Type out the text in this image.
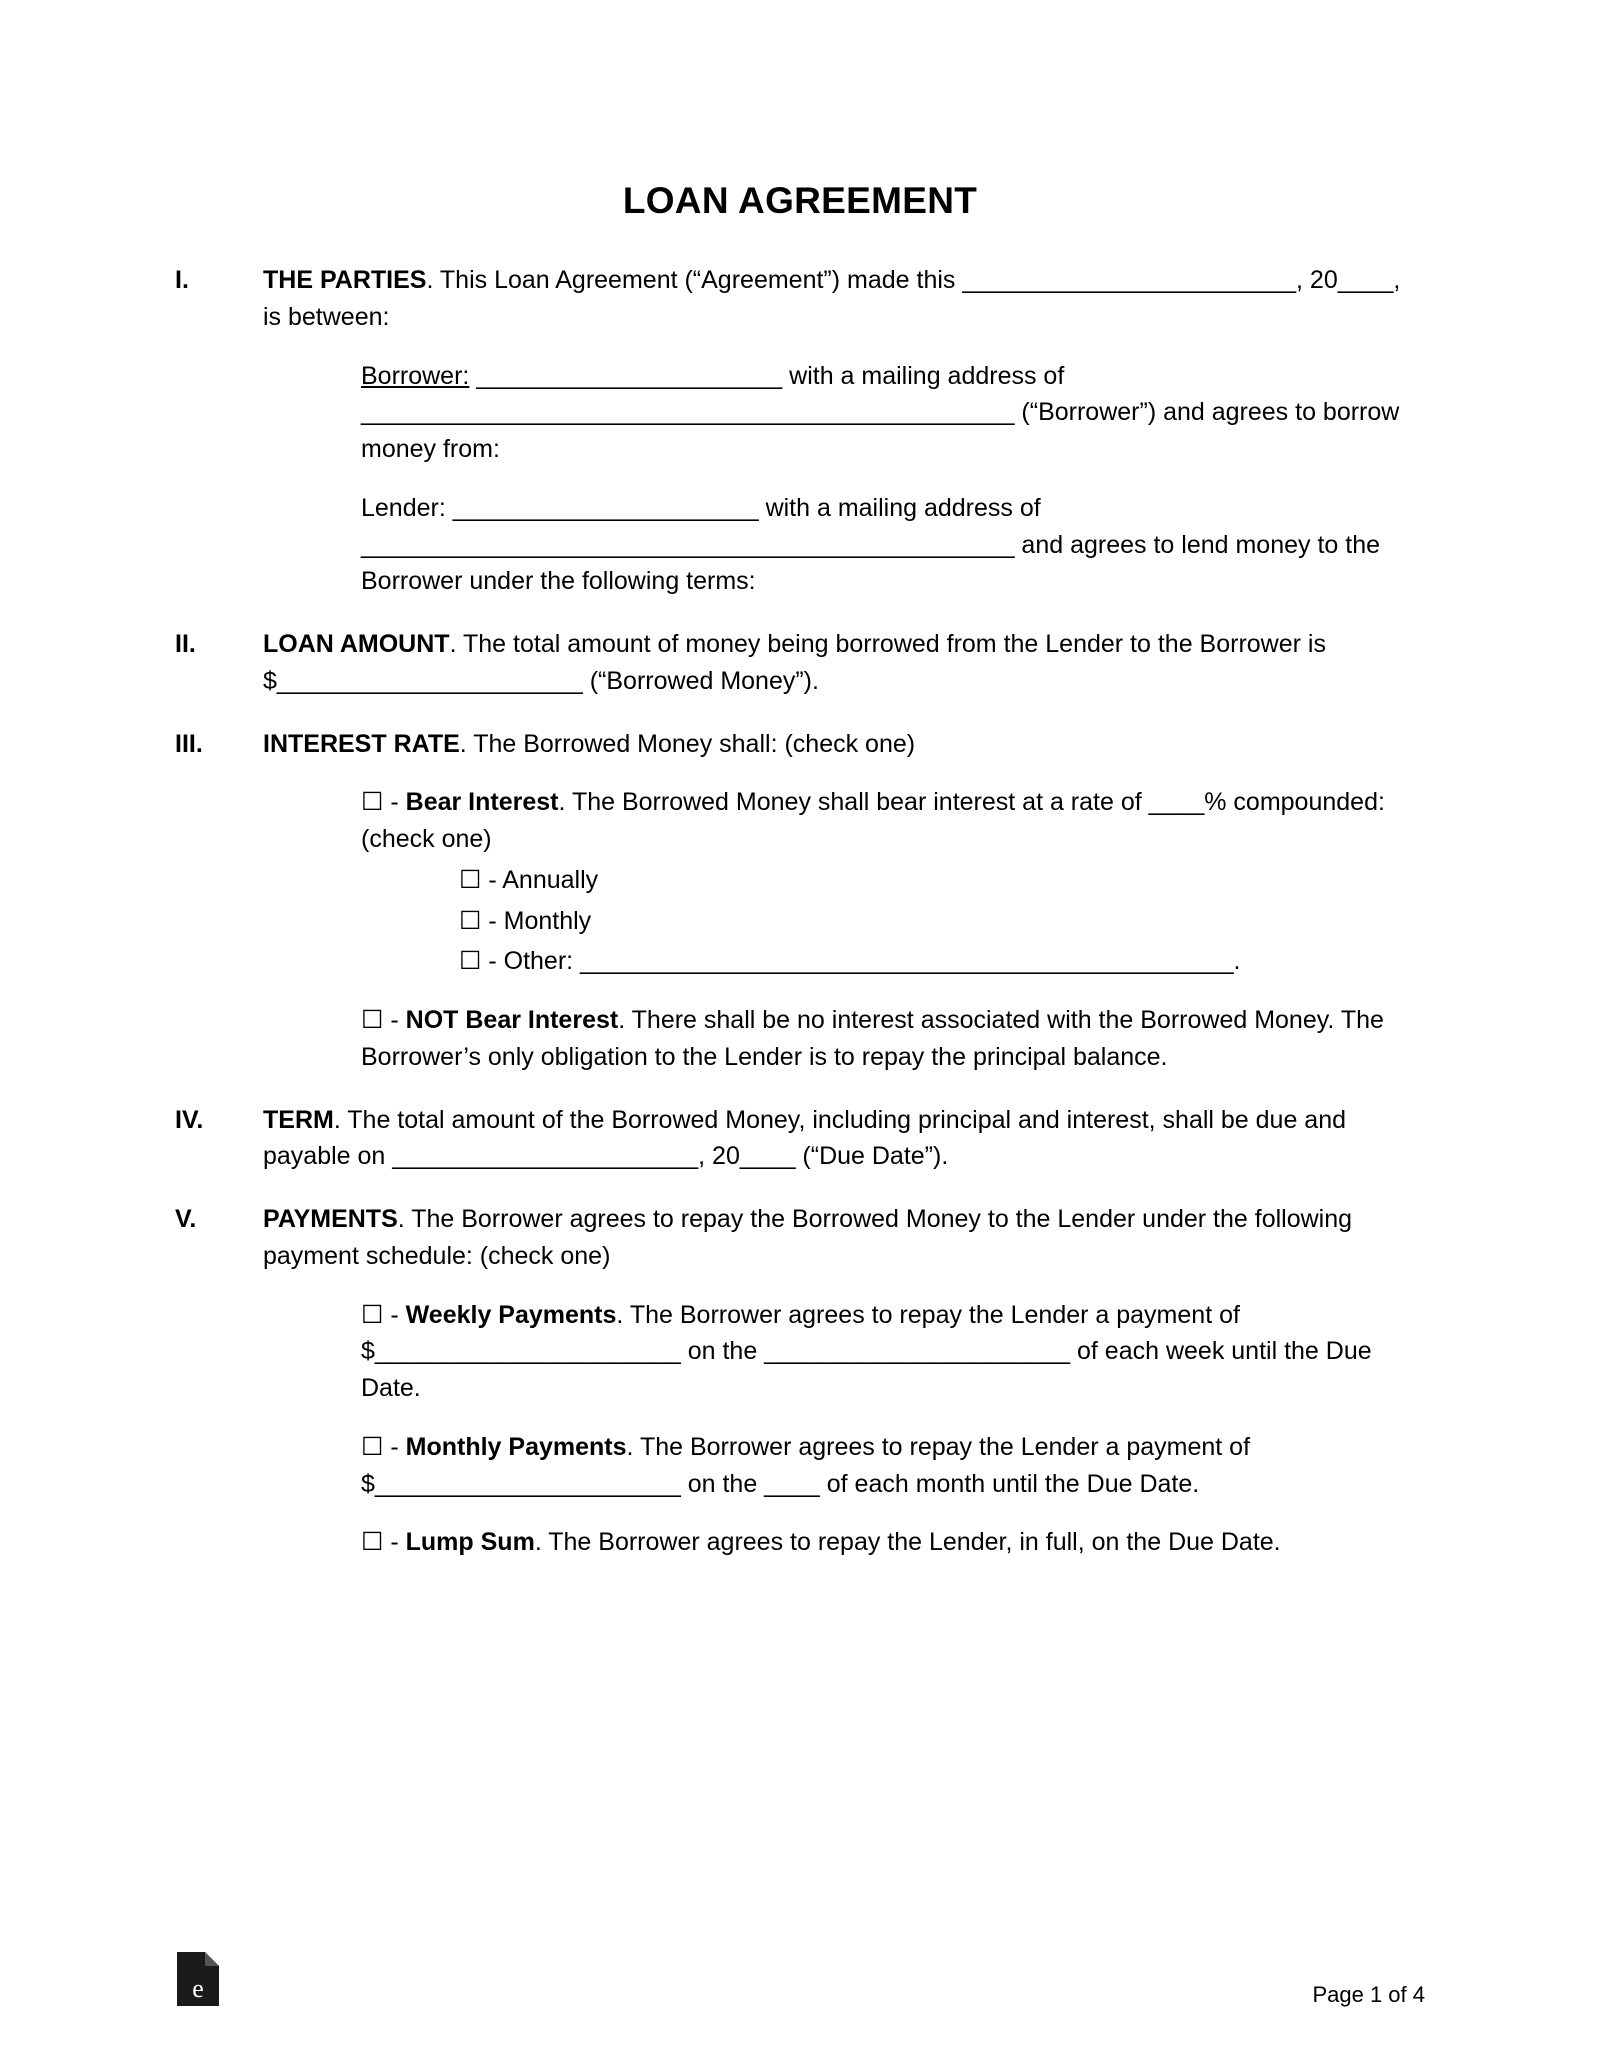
LOAN AGREEMENT
I.	THE PARTIES. This Loan Agreement (“Agreement”) made this ________________________, 20____, is between:
Borrower: ______________________ with a mailing address of
_______________________________________________ (“Borrower”) and agrees to borrow money from:
Lender: ______________________ with a mailing address of
_______________________________________________ and agrees to lend money to the Borrower under the following terms:
II.	LOAN AMOUNT. The total amount of money being borrowed from the Lender to the Borrower is $______________________ (“Borrowed Money”).
III.	INTEREST RATE. The Borrowed Money shall: (check one)
☐ - Bear Interest. The Borrowed Money shall bear interest at a rate of ____% compounded: (check one)
☐ - Annually
☐ - Monthly
☐ - Other: _______________________________________________.
☐ - NOT Bear Interest. There shall be no interest associated with the Borrowed Money. The Borrower’s only obligation to the Lender is to repay the principal balance.
IV.	TERM. The total amount of the Borrowed Money, including principal and interest, shall be due and payable on ______________________, 20____ (“Due Date”).
V.	PAYMENTS. The Borrower agrees to repay the Borrowed Money to the Lender under the following payment schedule: (check one)
☐ - Weekly Payments. The Borrower agrees to repay the Lender a payment of $______________________ on the ______________________ of each week until the Due Date.
☐ - Monthly Payments. The Borrower agrees to repay the Lender a payment of $______________________ on the ____ of each month until the Due Date.
☐ - Lump Sum. The Borrower agrees to repay the Lender, in full, on the Due Date.
e	Page 1 of 4
